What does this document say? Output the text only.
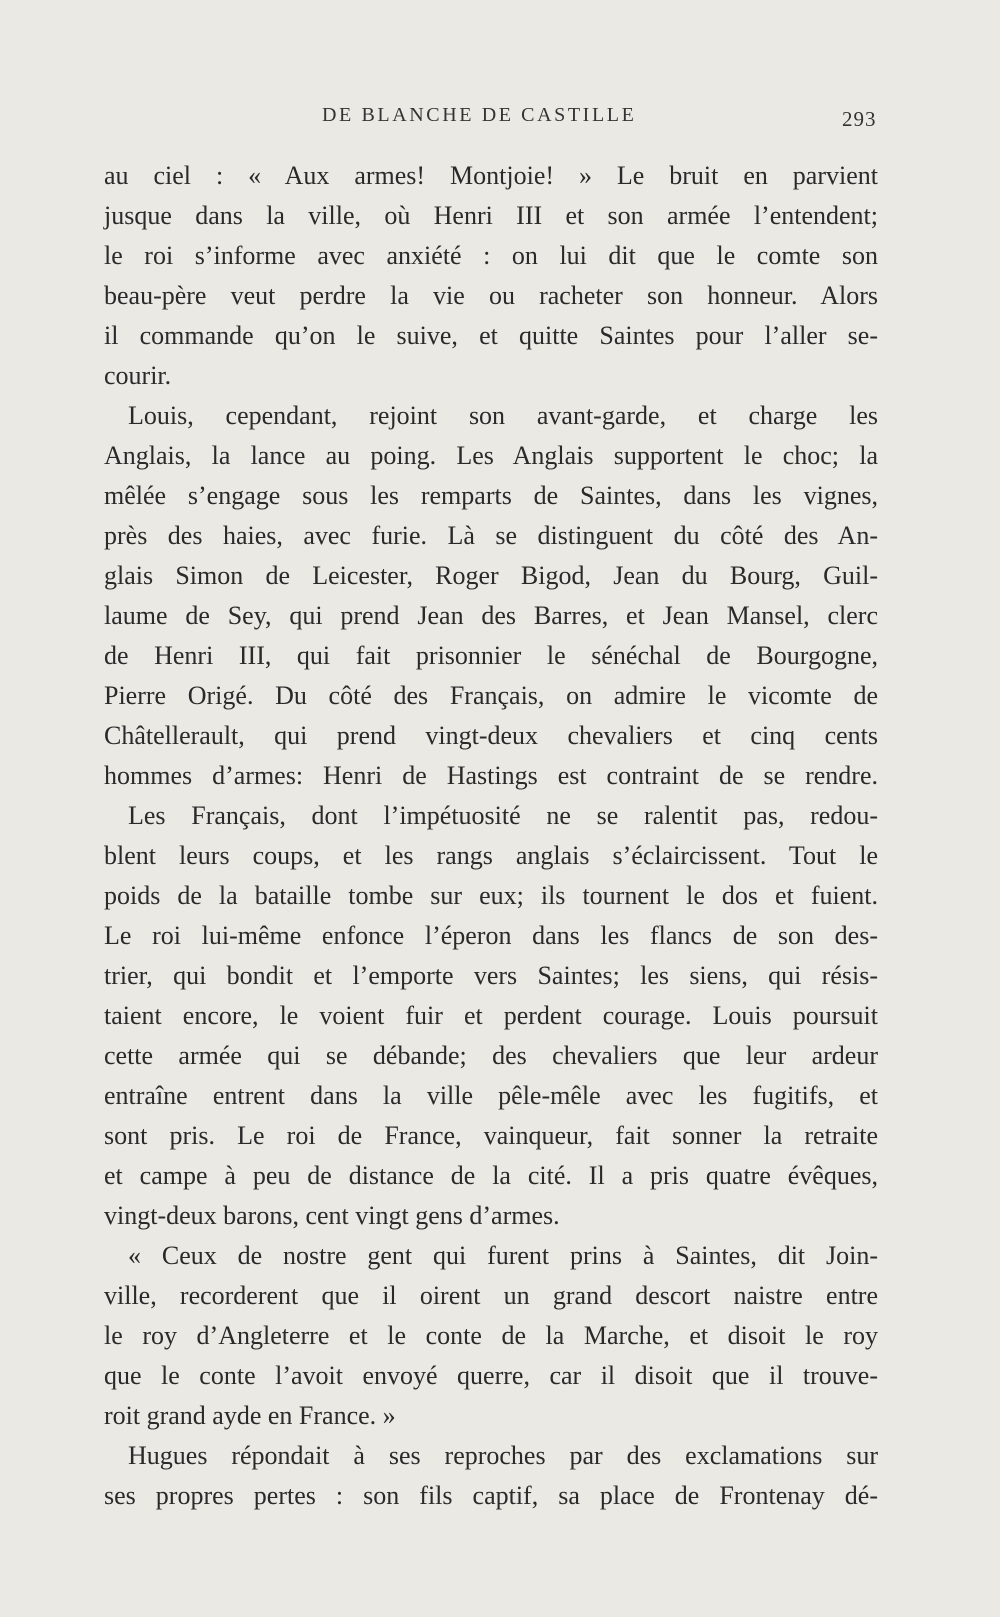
DE BLANCHE DE CASTILLE	293
au ciel : « Aux armes! Montjoie! » Le bruit en parvient
jusque dans la ville, où Henri III et son armée l’entendent;
le roi s’informe avec anxiété : on lui dit que le comte son
beau-père veut perdre la vie ou racheter son honneur. Alors
il commande qu’on le suive, et quitte Saintes pour l’aller se-
courir.
Louis, cependant, rejoint son avant-garde, et charge les
Anglais, la lance au poing. Les Anglais supportent le choc; la
mêlée s’engage sous les remparts de Saintes, dans les vignes,
près des haies, avec furie. Là se distinguent du côté des An-
glais Simon de Leicester, Roger Bigod, Jean du Bourg, Guil-
laume de Sey, qui prend Jean des Barres, et Jean Mansel, clerc
de Henri III, qui fait prisonnier le sénéchal de Bourgogne,
Pierre Origé. Du côté des Français, on admire le vicomte de
Châtellerault, qui prend vingt-deux chevaliers et cinq cents
hommes d’armes: Henri de Hastings est contraint de se rendre.
Les Français, dont l’impétuosité ne se ralentit pas, redou-
blent leurs coups, et les rangs anglais s’éclaircissent. Tout le
poids de la bataille tombe sur eux; ils tournent le dos et fuient.
Le roi lui-même enfonce l’éperon dans les flancs de son des-
trier, qui bondit et l’emporte vers Saintes; les siens, qui résis-
taient encore, le voient fuir et perdent courage. Louis poursuit
cette armée qui se débande; des chevaliers que leur ardeur
entraîne entrent dans la ville pêle-mêle avec les fugitifs, et
sont pris. Le roi de France, vainqueur, fait sonner la retraite
et campe à peu de distance de la cité. Il a pris quatre évêques,
vingt-deux barons, cent vingt gens d’armes.
« Ceux de nostre gent qui furent prins à Saintes, dit Join-
ville, recorderent que il oirent un grand descort naistre entre
le roy d’Angleterre et le conte de la Marche, et disoit le roy
que le conte l’avoit envoyé querre, car il disoit que il trouve-
roit grand ayde en France. »
Hugues répondait à ses reproches par des exclamations sur
ses propres pertes : son fils captif, sa place de Frontenay dé-
